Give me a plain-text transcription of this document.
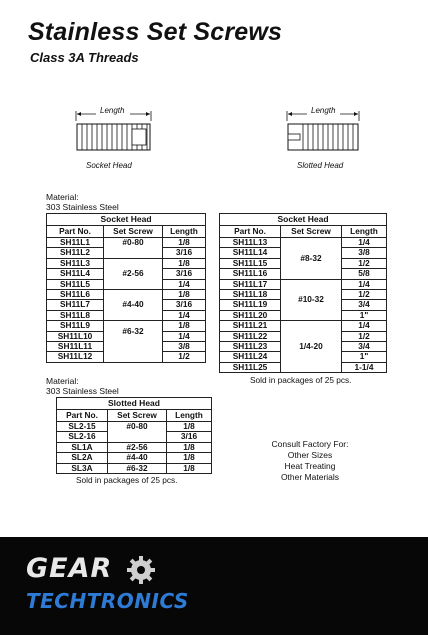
Stainless Set Screws
Class 3A Threads
Length
Socket Head
Length
Slotted Head
Material:
303 Stainless Steel
Socket Head		
Part No.	Set Screw	Length
SH11L1	#0-80	1/8
SH11L2		3/16
SH11L3	#2-56	1/8
SH11L4		3/16
SH11L5		1/4
SH11L6	#4-40	1/8
SH11L7		3/16
SH11L8		1/4
SH11L9	#6-32	1/8
SH11L10		1/4
SH11L11		3/8
SH11L12		1/2
Socket Head		
Part No.	Set Screw	Length
SH11L13	#8-32	1/4
SH11L14		3/8
SH11L15		1/2
SH11L16		5/8
SH11L17	#10-32	1/4
SH11L18		1/2
SH11L19		3/4
SH11L20		1"
SH11L21	1/4-20	1/4
SH11L22		1/2
SH11L23		3/4
SH11L24		1"
SH11L25		1-1/4
Sold in packages of 25 pcs.
Material:
303 Stainless Steel
Slotted Head		
Part No.	Set Screw	Length
SL2-15	#0-80	1/8
SL2-16		3/16
SL1A	#2-56	1/8
SL2A	#4-40	1/8
SL3A	#6-32	1/8
Sold in packages of 25 pcs.
Consult Factory For:
Other Sizes
Heat Treating
Other Materials
GEAR
TECHTRONICS
